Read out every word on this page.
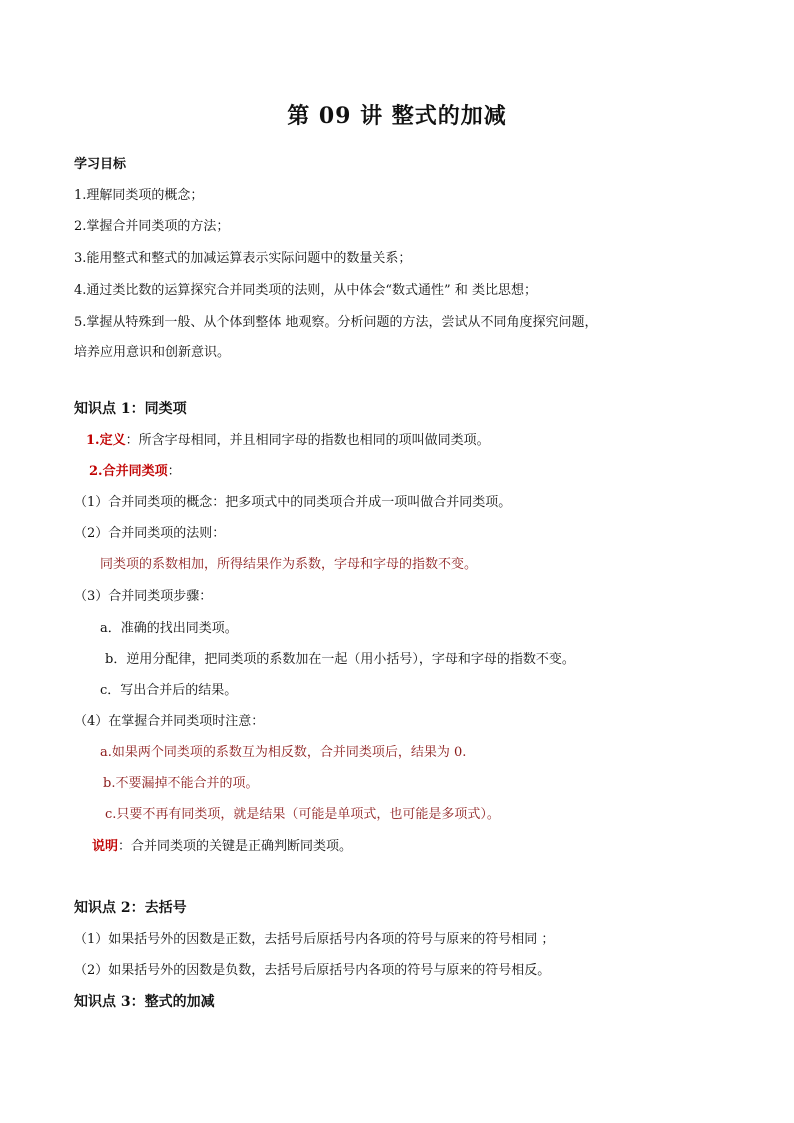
第 09 讲 整式的加减
学习目标
1.理解同类项的概念；
2.掌握合并同类项的方法；
3.能用整式和整式的加减运算表示实际问题中的数量关系；
4.通过类比数的运算探究合并同类项的法则，从中体会“数式通性” 和 类比思想；
5.掌握从特殊到一般、从个体到整体 地观察。分析问题的方法，尝试从不同角度探究问题，
培养应用意识和创新意识。
知识点 1：同类项
1.定义：所含字母相同，并且相同字母的指数也相同的项叫做同类项。
2.合并同类项：
（1）合并同类项的概念：把多项式中的同类项合并成一项叫做合并同类项。
（2）合并同类项的法则：
同类项的系数相加，所得结果作为系数，字母和字母的指数不变。
（3）合并同类项步骤：
a．准确的找出同类项。
b．逆用分配律，把同类项的系数加在一起（用小括号），字母和字母的指数不变。
c．写出合并后的结果。
（4）在掌握合并同类项时注意：
a.如果两个同类项的系数互为相反数，合并同类项后，结果为 0.
b.不要漏掉不能合并的项。
c.只要不再有同类项，就是结果（可能是单项式，也可能是多项式）。
说明：合并同类项的关键是正确判断同类项。
知识点 2：去括号
（1）如果括号外的因数是正数，去括号后原括号内各项的符号与原来的符号相同 ；
（2）如果括号外的因数是负数，去括号后原括号内各项的符号与原来的符号相反。
知识点 3：整式的加减
